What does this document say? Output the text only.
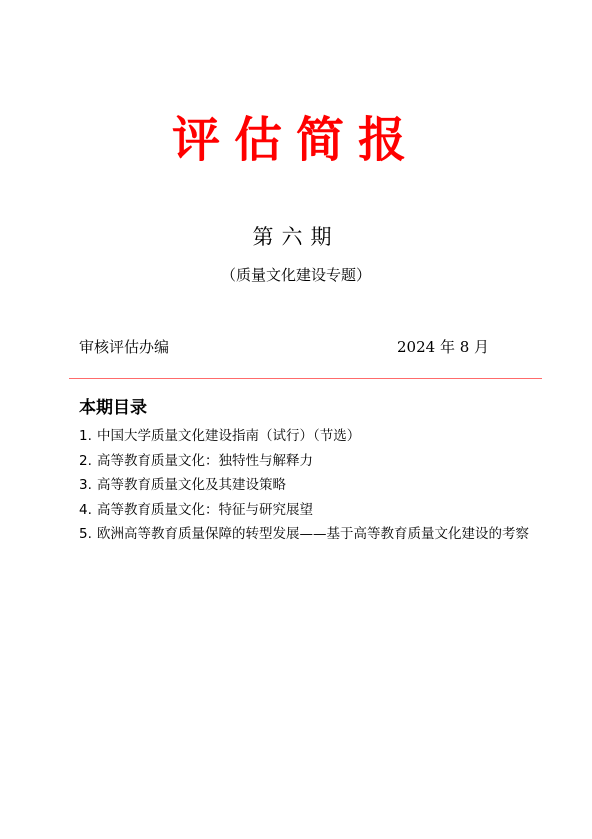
评估简报
第六期
（质量文化建设专题）
审核评估办编	2024 年 8 月
本期目录
1. 中国大学质量文化建设指南（试行）（节选）
2. 高等教育质量文化：独特性与解释力
3. 高等教育质量文化及其建设策略
4. 高等教育质量文化：特征与研究展望
5. 欧洲高等教育质量保障的转型发展——基于高等教育质量文化建设的考察
